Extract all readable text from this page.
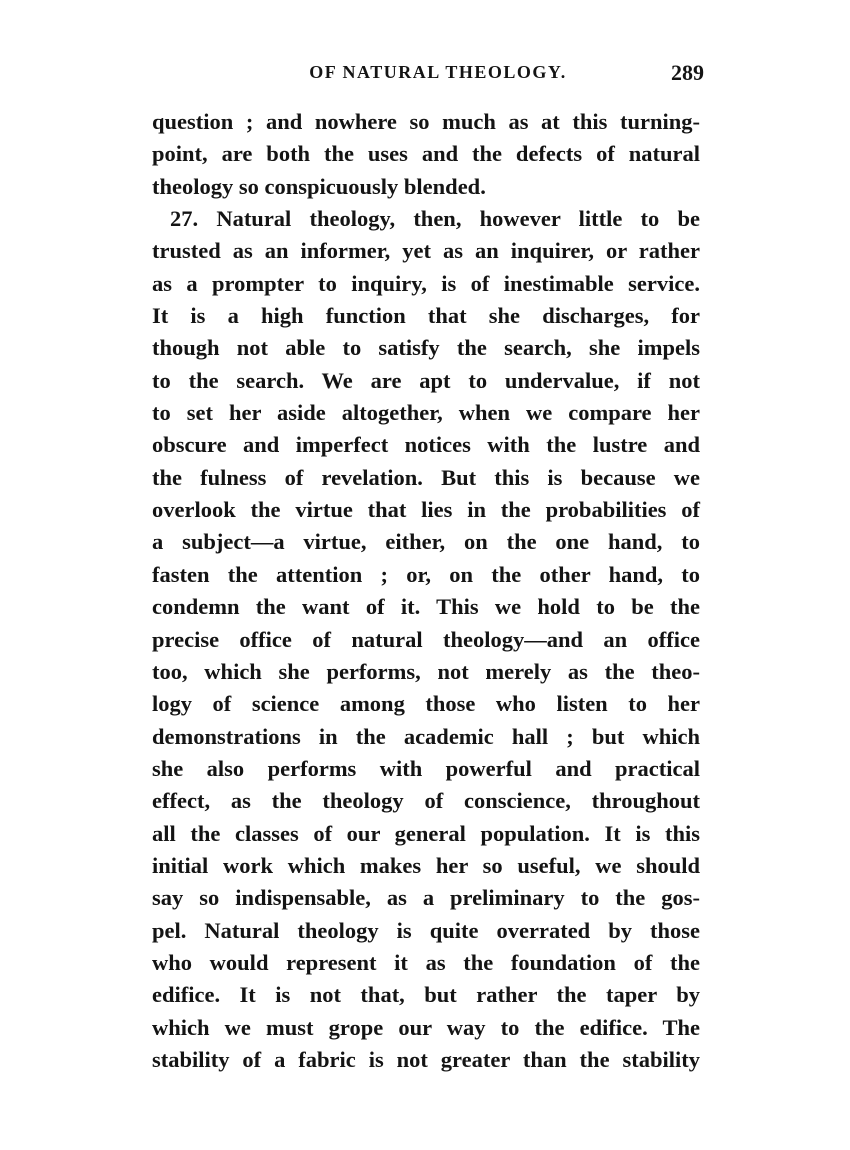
OF NATURAL THEOLOGY.	289
question ; and nowhere so much as at this turning-
point, are both the uses and the defects of natural
theology so conspicuously blended.
27. Natural theology, then, however little to be
trusted as an informer, yet as an inquirer, or rather
as a prompter to inquiry, is of inestimable service.
It is a high function that she discharges, for
though not able to satisfy the search, she impels
to the search. We are apt to undervalue, if not
to set her aside altogether, when we compare her
obscure and imperfect notices with the lustre and
the fulness of revelation. But this is because we
overlook the virtue that lies in the probabilities of
a subject—a virtue, either, on the one hand, to
fasten the attention ; or, on the other hand, to
condemn the want of it. This we hold to be the
precise office of natural theology—and an office
too, which she performs, not merely as the theo-
logy of science among those who listen to her
demonstrations in the academic hall ; but which
she also performs with powerful and practical
effect, as the theology of conscience, throughout
all the classes of our general population. It is this
initial work which makes her so useful, we should
say so indispensable, as a preliminary to the gos-
pel. Natural theology is quite overrated by those
who would represent it as the foundation of the
edifice. It is not that, but rather the taper by
which we must grope our way to the edifice. The
stability of a fabric is not greater than the stability
